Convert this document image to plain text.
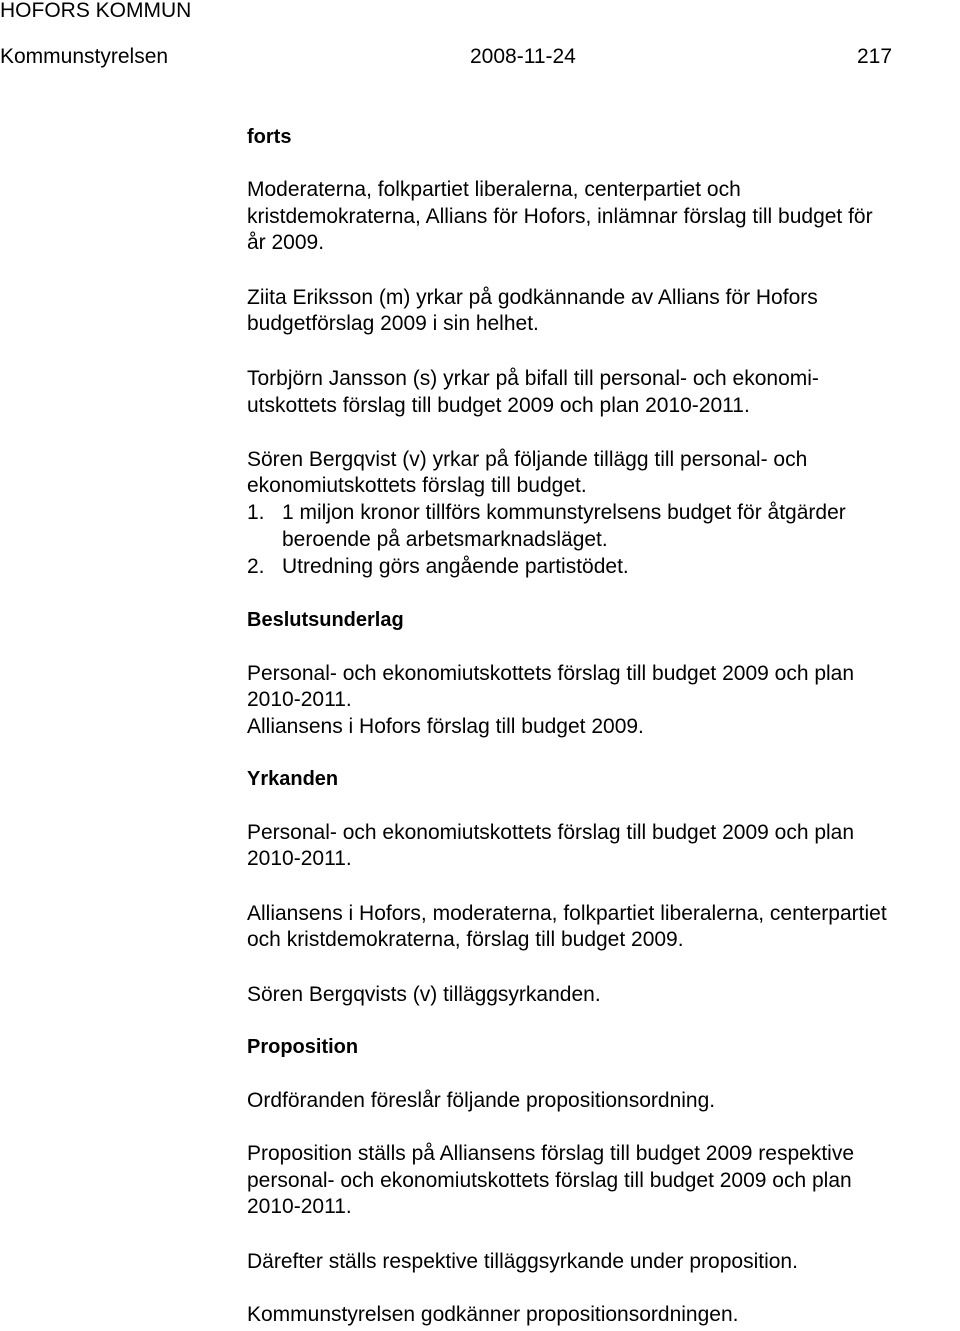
HOFORS KOMMUN
Kommunstyrelsen	2008-11-24	217
forts
Moderaterna, folkpartiet liberalerna, centerpartiet och
kristdemokraterna, Allians för Hofors, inlämnar förslag till budget för
år 2009.
Ziita Eriksson (m) yrkar på godkännande av Allians för Hofors
budgetförslag 2009 i sin helhet.
Torbjörn Jansson (s) yrkar på bifall till personal- och ekonomi-
utskottets förslag till budget 2009 och plan 2010-2011.
Sören Bergqvist (v) yrkar på följande tillägg till personal- och
ekonomiutskottets förslag till budget.
1. 1 miljon kronor tillförs kommunstyrelsens budget för åtgärder
beroende på arbetsmarknadsläget.
2. Utredning görs angående partistödet.
Beslutsunderlag
Personal- och ekonomiutskottets förslag till budget 2009 och plan
2010-2011.
Alliansens i Hofors förslag till budget 2009.
Yrkanden
Personal- och ekonomiutskottets förslag till budget 2009 och plan
2010-2011.
Alliansens i Hofors, moderaterna, folkpartiet liberalerna, centerpartiet
och kristdemokraterna, förslag till budget 2009.
Sören Bergqvists (v) tilläggsyrkanden.
Proposition
Ordföranden föreslår följande propositionsordning.
Proposition ställs på Alliansens förslag till budget 2009 respektive
personal- och ekonomiutskottets förslag till budget 2009 och plan
2010-2011.
Därefter ställs respektive tilläggsyrkande under proposition.
Kommunstyrelsen godkänner propositionsordningen.
